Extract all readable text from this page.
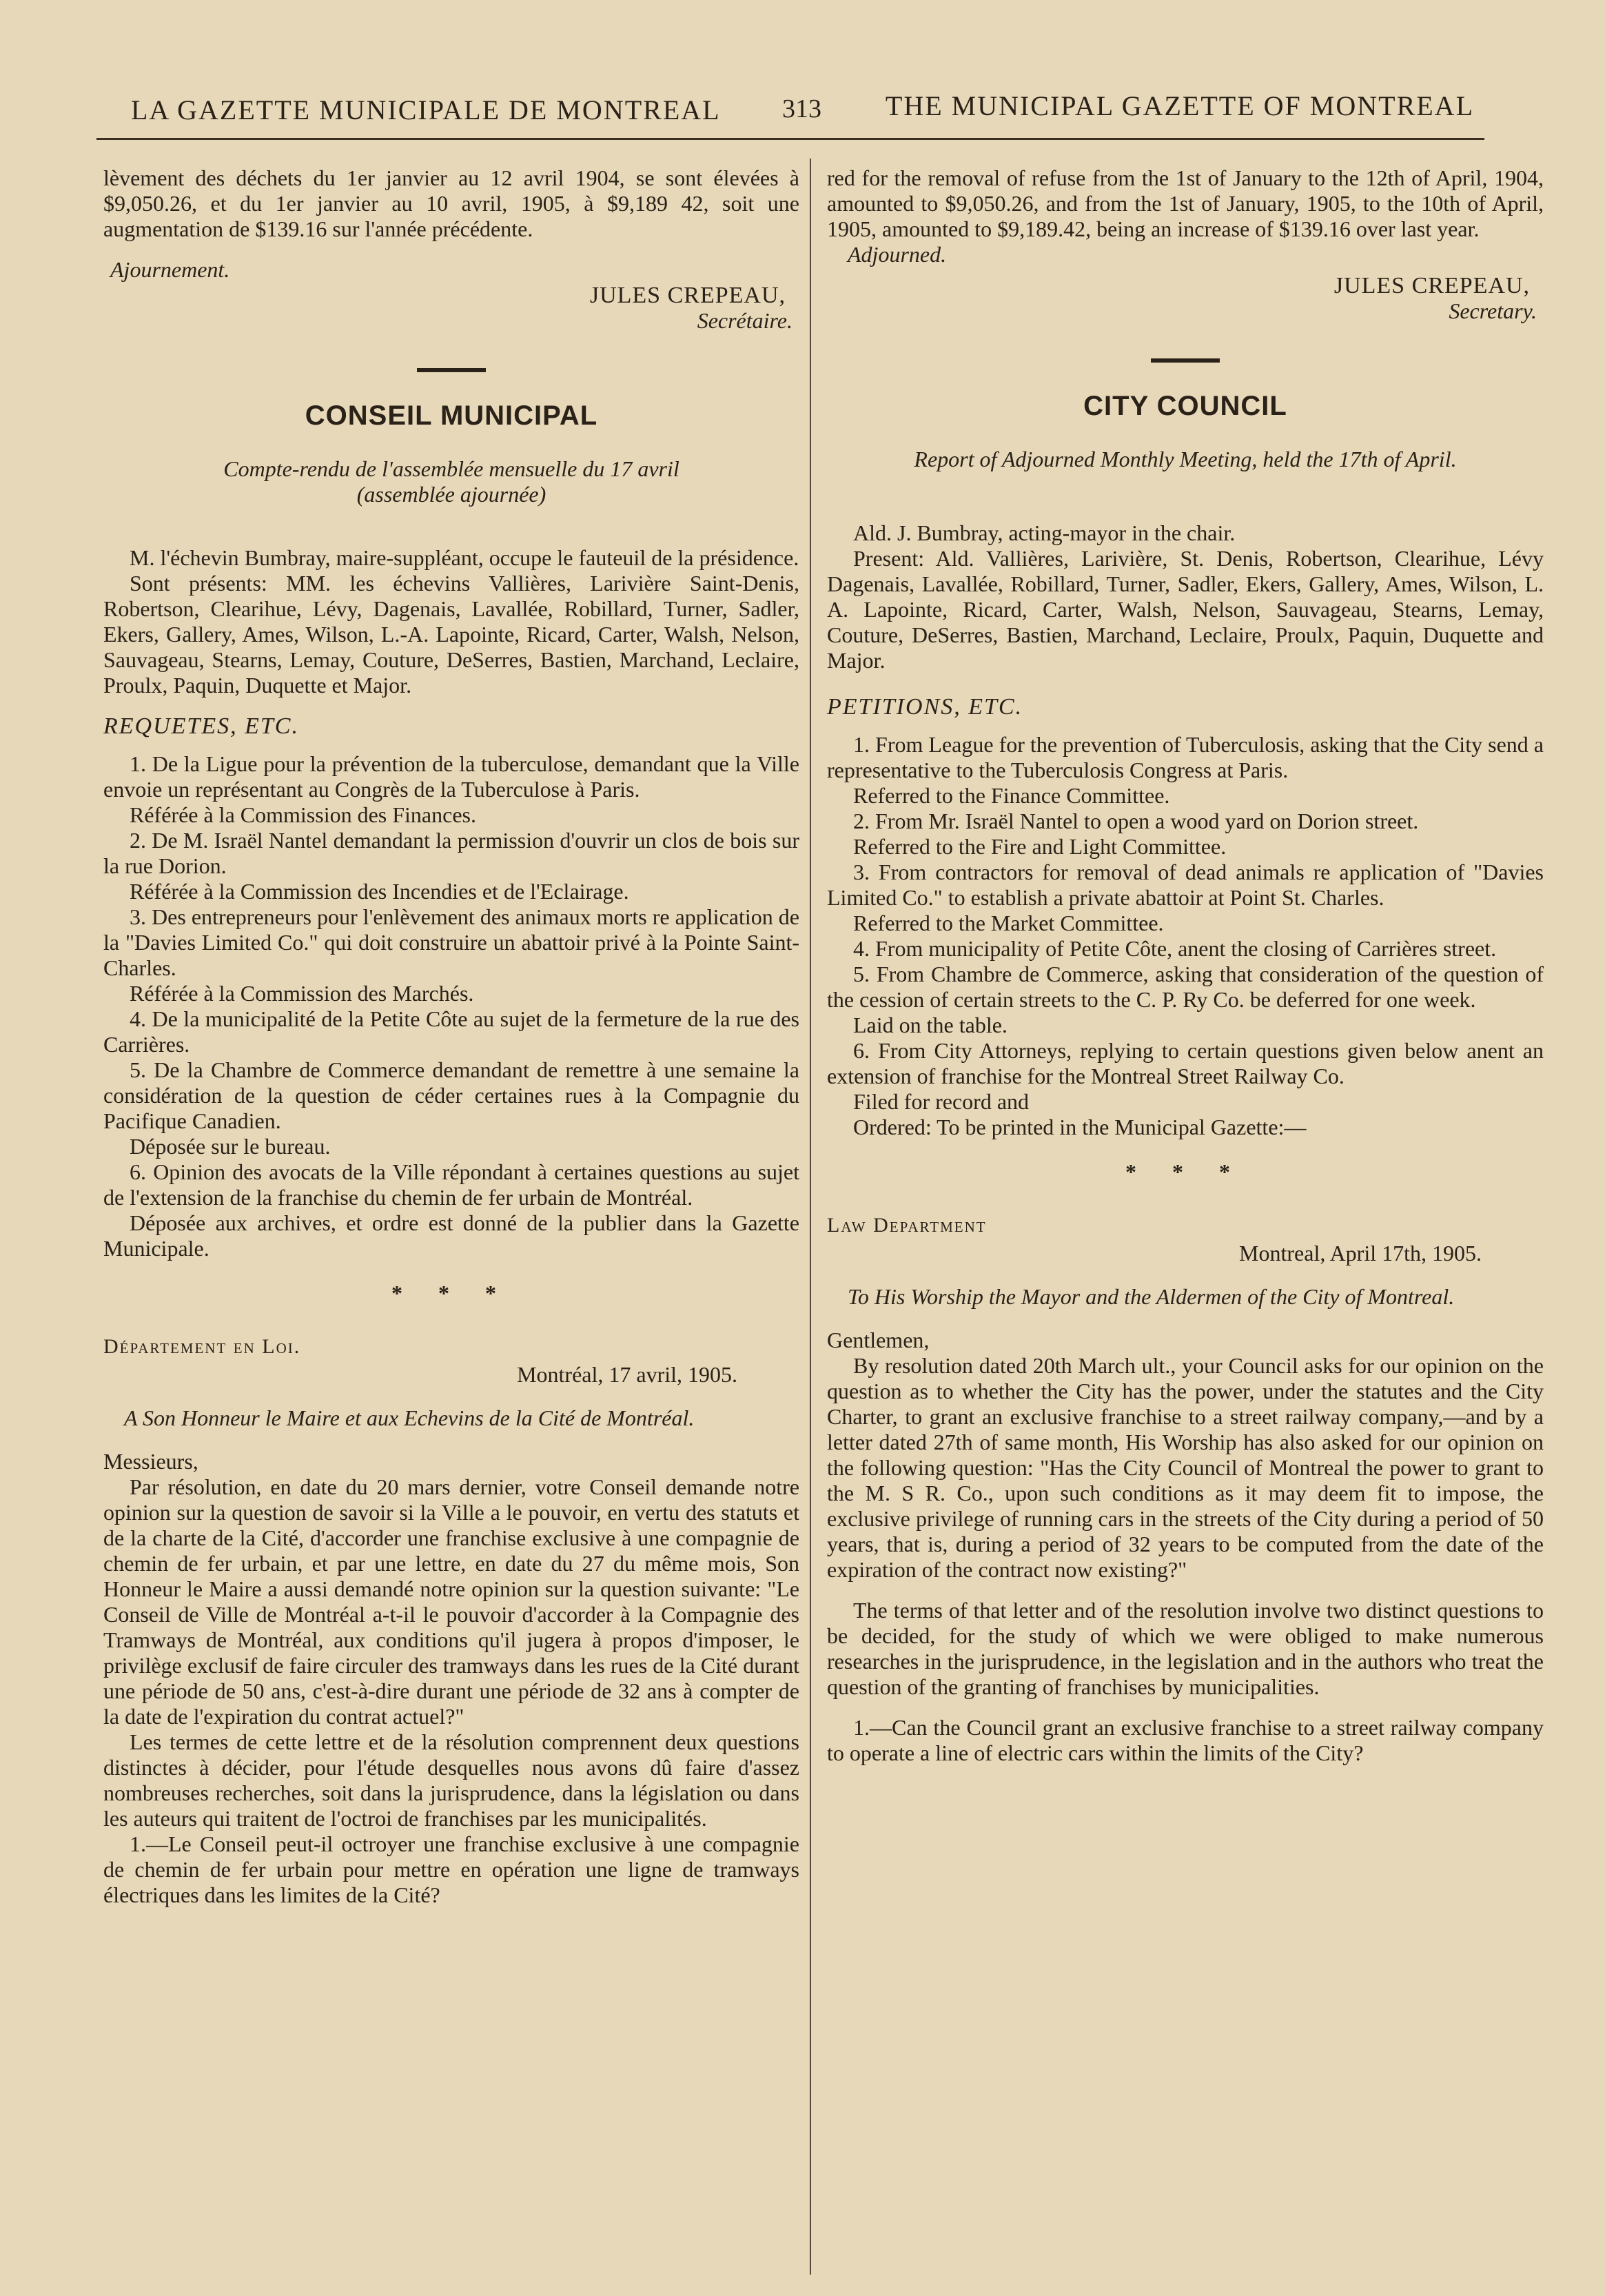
LA GAZETTE MUNICIPALE DE MONTREAL 313 THE MUNICIPAL GAZETTE OF MONTREAL

lèvement des déchets du 1er janvier au 12 avril 1904, se sont élevées à $9,050.26, et du 1er janvier au 10 avril, 1905, à $9,189 42, soit une augmentation de $139.16 sur l'année précédente.

Ajournement.

JULES CREPEAU,

Secrétaire.

CONSEIL MUNICIPAL
Compte-rendu de l'assemblée mensuelle du 17 avril
(assemblée ajournée)

M. l'échevin Bumbray, maire-suppléant, occupe le fauteuil de la présidence.

Sont présents: MM. les échevins Vallières, Larivière Saint-Denis, Robertson, Clearihue, Lévy, Dagenais, Lavallée, Robillard, Turner, Sadler, Ekers, Gallery, Ames, Wilson, L.-A. Lapointe, Ricard, Carter, Walsh, Nelson, Sauvageau, Stearns, Lemay, Couture, DeSerres, Bastien, Marchand, Leclaire, Proulx, Paquin, Duquette et Major.

REQUETES, ETC.

1. De la Ligue pour la prévention de la tuberculose, demandant que la Ville envoie un représentant au Congrès de la Tuberculose à Paris.

Référée à la Commission des Finances.

2. De M. Israël Nantel demandant la permission d'ouvrir un clos de bois sur la rue Dorion.

Référée à la Commission des Incendies et de l'Eclairage.

3. Des entrepreneurs pour l'enlèvement des animaux morts re application de la "Davies Limited Co." qui doit construire un abattoir privé à la Pointe Saint-Charles.

Référée à la Commission des Marchés.

4. De la municipalité de la Petite Côte au sujet de la fermeture de la rue des Carrières.

5. De la Chambre de Commerce demandant de remettre à une semaine la considération de la question de céder certaines rues à la Compagnie du Pacifique Canadien.

Déposée sur le bureau.

6. Opinion des avocats de la Ville répondant à certaines questions au sujet de l'extension de la franchise du chemin de fer urbain de Montréal.

Déposée aux archives, et ordre est donné de la publier dans la Gazette Municipale.

* * *
Département en Loi.
Montréal, 17 avril, 1905.
A Son Honneur le Maire et aux Echevins de la Cité de Montréal.

Messieurs,

Par résolution, en date du 20 mars dernier, votre Conseil demande notre opinion sur la question de savoir si la Ville a le pouvoir, en vertu des statuts et de la charte de la Cité, d'accorder une franchise exclusive à une compagnie de chemin de fer urbain, et par une lettre, en date du 27 du même mois, Son Honneur le Maire a aussi demandé notre opinion sur la question suivante: "Le Conseil de Ville de Montréal a-t-il le pouvoir d'accorder à la Compagnie des Tramways de Montréal, aux conditions qu'il jugera à propos d'imposer, le privilège exclusif de faire circuler des tramways dans les rues de la Cité durant une période de 50 ans, c'est-à-dire durant une période de 32 ans à compter de la date de l'expiration du contrat actuel?"

Les termes de cette lettre et de la résolution comprennent deux questions distinctes à décider, pour l'étude desquelles nous avons dû faire d'assez nombreuses recherches, soit dans la jurisprudence, dans la législation ou dans les auteurs qui traitent de l'octroi de franchises par les municipalités.

1.—Le Conseil peut-il octroyer une franchise exclusive à une compagnie de chemin de fer urbain pour mettre en opération une ligne de tramways électriques dans les limites de la Cité?

red for the removal of refuse from the 1st of January to the 12th of April, 1904, amounted to $9,050.26, and from the 1st of January, 1905, to the 10th of April, 1905, amounted to $9,189.42, being an increase of $139.16 over last year.

Adjourned.

JULES CREPEAU,

Secretary.

CITY COUNCIL
Report of Adjourned Monthly Meeting, held the 17th of April.

Ald. J. Bumbray, acting-mayor in the chair.

Present: Ald. Vallières, Larivière, St. Denis, Robertson, Clearihue, Lévy Dagenais, Lavallée, Robillard, Turner, Sadler, Ekers, Gallery, Ames, Wilson, L. A. Lapointe, Ricard, Carter, Walsh, Nelson, Sauvageau, Stearns, Lemay, Couture, DeSerres, Bastien, Marchand, Leclaire, Proulx, Paquin, Duquette and Major.

PETITIONS, ETC.

1. From League for the prevention of Tuberculosis, asking that the City send a representative to the Tuberculosis Congress at Paris.

Referred to the Finance Committee.

2. From Mr. Israël Nantel to open a wood yard on Dorion street.

Referred to the Fire and Light Committee.

3. From contractors for removal of dead animals re application of "Davies Limited Co." to establish a private abattoir at Point St. Charles.

Referred to the Market Committee.

4. From municipality of Petite Côte, anent the closing of Carrières street.

5. From Chambre de Commerce, asking that consideration of the question of the cession of certain streets to the C. P. Ry Co. be deferred for one week.

Laid on the table.

6. From City Attorneys, replying to certain questions given below anent an extension of franchise for the Montreal Street Railway Co.

Filed for record and

Ordered: To be printed in the Municipal Gazette:—

* * *
Law Department
Montreal, April 17th, 1905.
To His Worship the Mayor and the Aldermen of the City of Montreal.

Gentlemen,

By resolution dated 20th March ult., your Council asks for our opinion on the question as to whether the City has the power, under the statutes and the City Charter, to grant an exclusive franchise to a street railway company,—and by a letter dated 27th of same month, His Worship has also asked for our opinion on the following question: "Has the City Council of Montreal the power to grant to the M. S R. Co., upon such conditions as it may deem fit to impose, the exclusive privilege of running cars in the streets of the City during a period of 50 years, that is, during a period of 32 years to be computed from the date of the expiration of the contract now existing?"

The terms of that letter and of the resolution involve two distinct questions to be decided, for the study of which we were obliged to make numerous researches in the jurisprudence, in the legislation and in the authors who treat the question of the granting of franchises by municipalities.

1.—Can the Council grant an exclusive franchise to a street railway company to operate a line of electric cars within the limits of the City?
